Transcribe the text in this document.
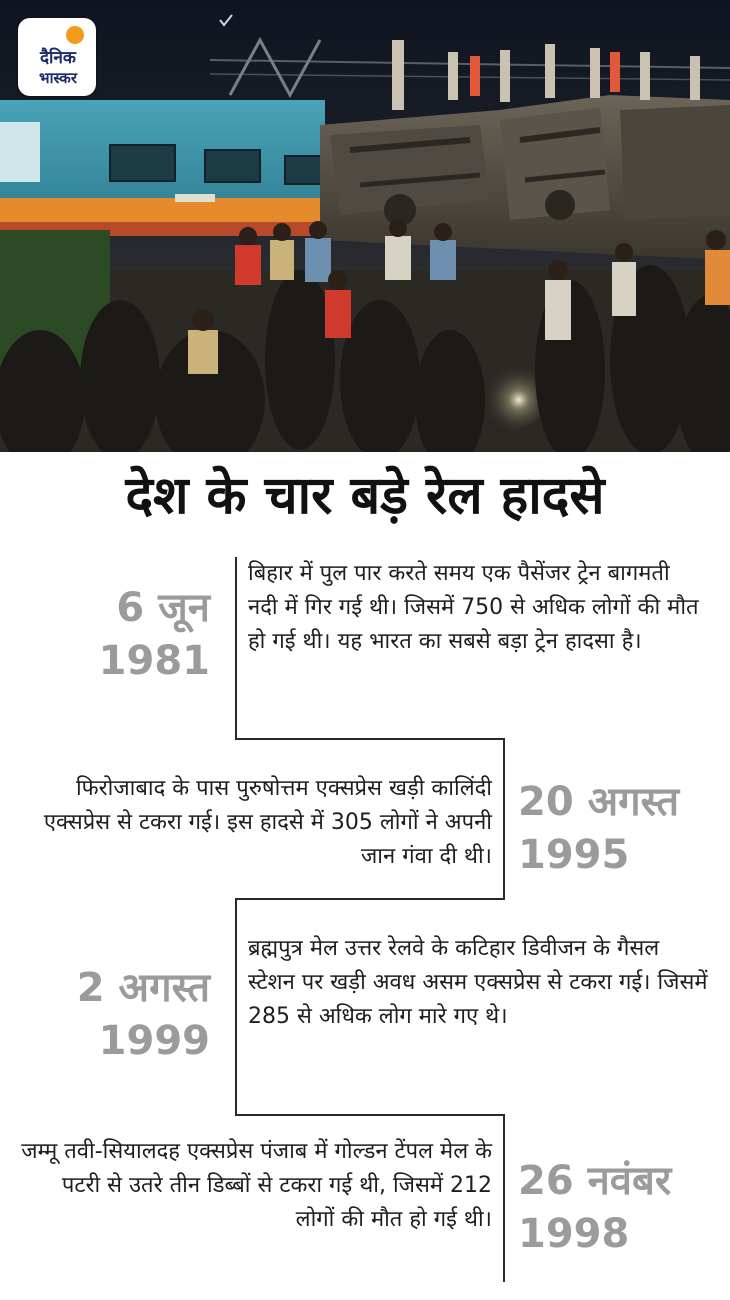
दैनिक
भास्कर
देश के चार बड़े रेल हादसे
6 जून
1981
बिहार में पुल पार करते समय एक पैसेंजर ट्रेन बागमती नदी में गिर गई थी। जिसमें 750 से अधिक लोगों की मौत हो गई थी। यह भारत का सबसे बड़ा ट्रेन हादसा है।
फिरोजाबाद के पास पुरुषोत्तम एक्सप्रेस खड़ी कालिंदी एक्सप्रेस से टकरा गई। इस हादसे में 305 लोगों ने अपनी जान गंवा दी थी।
20 अगस्त
1995
2 अगस्त
1999
ब्रह्मपुत्र मेल उत्तर रेलवे के कटिहार डिवीजन के गैसल स्टेशन पर खड़ी अवध असम एक्सप्रेस से टकरा गई। जिसमें 285 से अधिक लोग मारे गए थे।
जम्मू तवी-सियालदह एक्सप्रेस पंजाब में गोल्डन टेंपल मेल के पटरी से उतरे तीन डिब्बों से टकरा गई थी, जिसमें 212 लोगों की मौत हो गई थी।
26 नवंबर
1998
